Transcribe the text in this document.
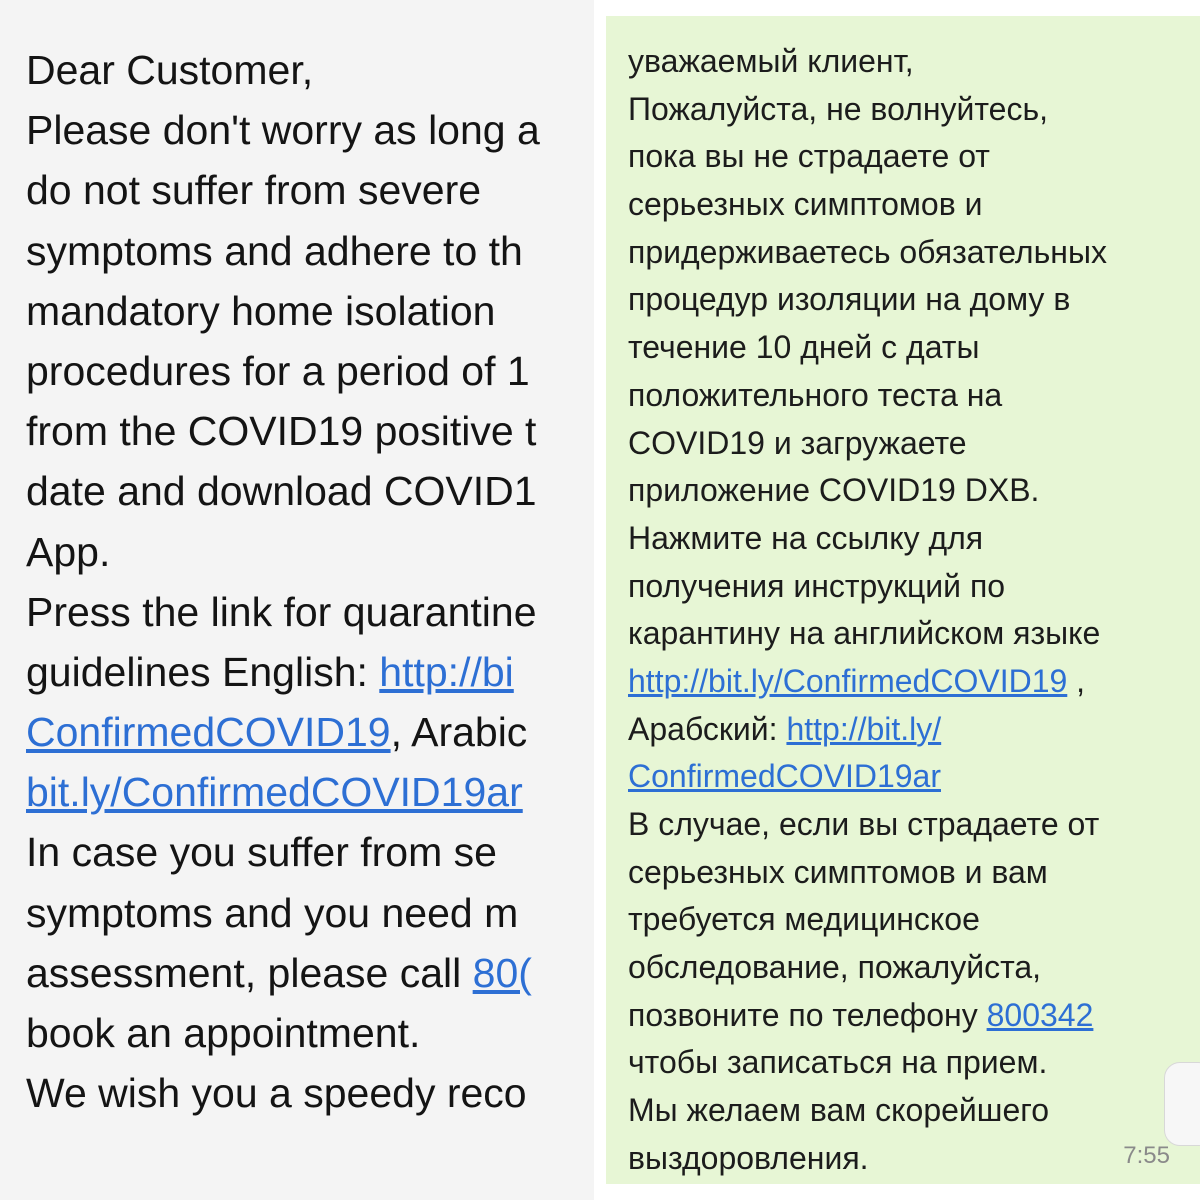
Dear Customer,
Please don't worry as long a
do not suffer from severe
symptoms and adhere to th
mandatory home isolation
procedures for a period of 1
from the COVID19 positive t
date and download COVID1
App.
Press the link for quarantine
guidelines English: http://bi
ConfirmedCOVID19, Arabic
bit.ly/ConfirmedCOVID19ar
In case you suffer from se
symptoms and you need m
assessment, please call 80(
book an appointment.
We wish you a speedy reco
уважаемый клиент,
Пожалуйста, не волнуйтесь,
пока вы не страдаете от
серьезных симптомов и
придерживаетесь обязательных
процедур изоляции на дому в
течение 10 дней с даты
положительного теста на
COVID19 и загружаете
приложение COVID19 DXB.
Нажмите на ссылку для
получения инструкций по
карантину на английском языке
http://bit.ly/ConfirmedCOVID19 ,
Арабский: http://bit.ly/
ConfirmedCOVID19ar
В случае, если вы страдаете от
серьезных симптомов и вам
требуется медицинское
обследование, пожалуйста,
позвоните по телефону 800342
чтобы записаться на прием.
Мы желаем вам скорейшего
выздоровления.	7:55
